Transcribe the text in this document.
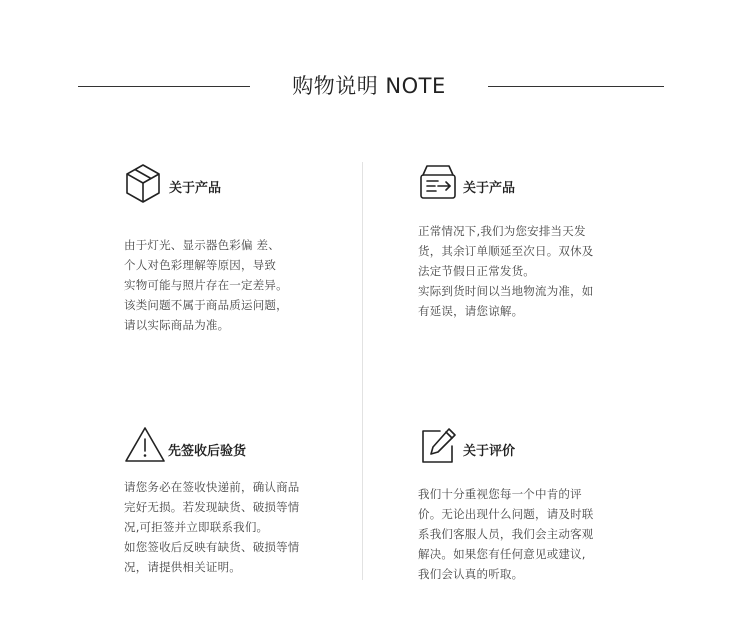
购物说明 NOTE
关于产品
由于灯光、显示器色彩偏 差、
个人对色彩理解等原因，导致
实物可能与照片存在一定差异。
该类问题不属于商品质运问题，
请以实际商品为准。
关于产品
正常情况下,我们为您安排当天发
货，其余订单顺延至次日。双休及
法定节假日正常发货。
实际到货时间以当地物流为准，如
有延误，请您谅解。
先签收后验货
请您务必在签收快递前，确认商品
完好无损。若发现缺货、破损等情
况,可拒签并立即联系我们。
如您签收后反映有缺货、破损等情
况，请提供相关证明。
关于评价
我们十分重视您每一个中肯的评
价。无论出现什么问题，请及时联
系我们客服人员，我们会主动客观
解决。如果您有任何意见或建议,
我们会认真的听取。
